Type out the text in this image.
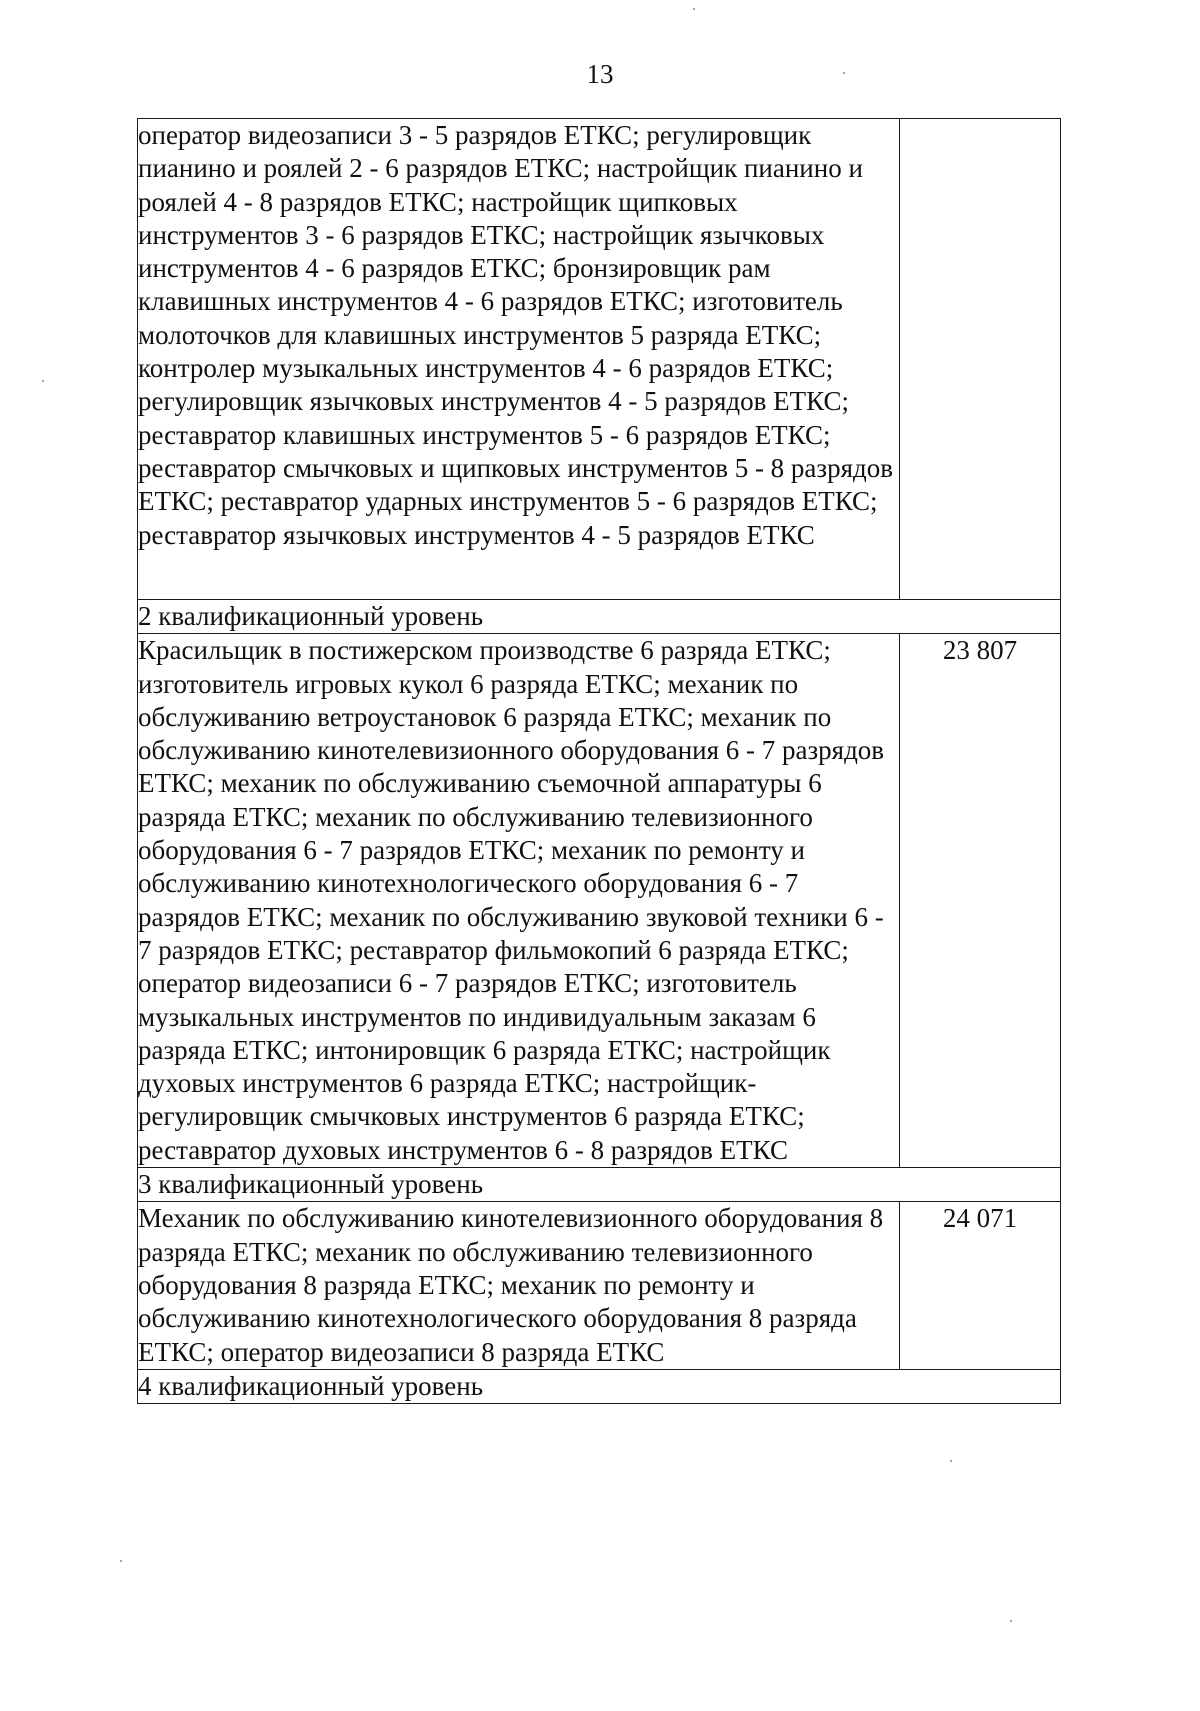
13
оператор видеозаписи 3 - 5 разрядов ЕТКС; регулировщик пианино и роялей 2 - 6 разрядов ЕТКС; настройщик пианино и роялей 4 - 8 разрядов ЕТКС; настройщик щипковых инструментов 3 - 6 разрядов ЕТКС; настройщик язычковых инструментов 4 - 6 разрядов ЕТКС; бронзировщик рам клавишных инструментов 4 - 6 разрядов ЕТКС; изготовитель молоточков для клавишных инструментов 5 разряда ЕТКС; контролер музыкальных инструментов 4 - 6 разрядов ЕТКС; регулировщик язычковых инструментов 4 - 5 разрядов ЕТКС; реставратор клавишных инструментов 5 - 6 разрядов ЕТКС; реставратор смычковых и щипковых инструментов 5 - 8 разрядов ЕТКС; реставратор ударных инструментов 5 - 6 разрядов ЕТКС; реставратор язычковых инструментов 4 - 5 разрядов ЕТКС	
2 квалификационный уровень	
Красильщик в постижерском производстве 6 разряда ЕТКС; изготовитель игровых кукол 6 разряда ЕТКС; механик по обслуживанию ветроустановок 6 разряда ЕТКС; механик по обслуживанию кинотелевизионного оборудования 6 - 7 разрядов ЕТКС; механик по обслуживанию съемочной аппаратуры 6 разряда ЕТКС; механик по обслуживанию телевизионного оборудования 6 - 7 разрядов ЕТКС; механик по ремонту и обслуживанию кинотехнологического оборудования 6 - 7 разрядов ЕТКС; механик по обслуживанию звуковой техники 6 - 7 разрядов ЕТКС; реставратор фильмокопий 6 разряда ЕТКС; оператор видеозаписи 6 - 7 разрядов ЕТКС; изготовитель музыкальных инструментов по индивидуальным заказам 6 разряда ЕТКС; интонировщик 6 разряда ЕТКС; настройщик духовых инструментов 6 разряда ЕТКС; настройщик-регулировщик смычковых инструментов 6 разряда ЕТКС; реставратор духовых инструментов 6 - 8 разрядов ЕТКС	23 807
3 квалификационный уровень	
Механик по обслуживанию кинотелевизионного оборудования 8 разряда ЕТКС; механик по обслуживанию телевизионного оборудования 8 разряда ЕТКС; механик по ремонту и обслуживанию кинотехнологического оборудования 8 разряда ЕТКС; оператор видеозаписи 8 разряда ЕТКС	24 071
4 квалификационный уровень	
